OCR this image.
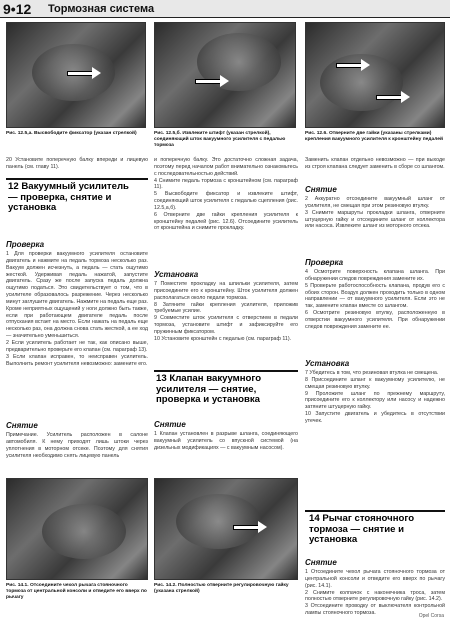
9•12 Тормозная система
Рис. 12.5,а. Высвободите фиксатор (указан стрелкой)	Рис. 12.5,б. Извлеките штифт (указан стрелкой), соединяющий шток вакуумного усилителя с педалью тормоза
Рис. 12.6. Отверните две гайки (указаны стрелками) крепления вакуумного усилителя к кронштейну педалей
20 Установите поперечную балку впереди и лицевую панель (см. главу 11).
12 Вакуумный усилитель — проверка, снятие и установка
Проверка
1 Для проверки вакуумного усилителя остановите двигатель и нажмите на педаль тормоза несколько раз. Вакуум должен исчезнуть, а педаль — стать ощутимо жесткой. Удерживая педаль нажатой, запустите двигатель. Сразу же после запуска педаль должна ощутимо податься. Это свидетельствует о том, что в усилителе образовалось разрежение. Через несколько минут заглушите двигатель. Нажмите на педаль еще раз. Кроме неприятных ощущений у ноги должно быть также, если при работающем двигателе педаль после отпускания встает на место. Если нажать на педаль еще несколько раз, она должна снова стать жесткой, а ее ход — значительно уменьшиться.
2 Если усилитель работает не так, как описано выше, предварительно проверьте его клапан (см. параграф 13).
3 Если клапан исправен, то неисправен усилитель. Выполнить ремонт усилителя невозможно: замените его.
Снятие
Примечание. Усилитель расположен в салоне автомобиля. К нему приходят лишь штоки через уплотнения в моторном отсеке. Поэтому для снятия усилителя необходимо снять лицевую панель
и поперечную балку. Это достаточно сложная задача, поэтому перед началом работ внимательно ознакомьтесь с последовательностью действий.
4 Снимите педаль тормоза с кронштейном (см. параграф 11).
5 Высвободите фиксатор и извлеките штифт, соединяющий шток усилителя с педалью сцепления (рис. 12.5,а,б).
6 Отверните две гайки крепления усилителя к кронштейну педалей (рис. 12.6). Отсоедините усилитель от кронштейна и снимите прокладку.
Установка
7 Поместите прокладку на шпильки усилителя, затем присоедините его к кронштейну. Шток усилителя должен располагаться около педали тормоза.
8 Затяните гайки крепления усилителя, приложив требуемые усилие.
9 Совместите шток усилителя с отверстием в педали тормоза, установите штифт и зафиксируйте его пружинным фиксатором.
10 Установите кронштейн с педалью (см. параграф 11).
13 Клапан вакуумного усилителя — снятие, проверка и установка
Снятие
1 Клапан установлен в разрыве шланга, соединяющего вакуумный усилитель со впускной системой (на дизельных модификациях — с вакуумным насосом).
Заменить клапан отдельно невозможно — при выходе из строя клапана следует заменить в сборе со шлангом.
Снятие
2 Аккуратно отсоедините вакуумный шланг от усилителя, не смещая при этом резиновую втулку.
3 Снимите маршруты прокладки шланга, отверните штуцерную гайку и отсоедините шланг от коллектора или насоса. Извлеките шланг из моторного отсека.
Проверка
4 Осмотрите поверхность клапана шланга. При обнаружении следов повреждения замените их.
5 Проверьте работоспособность клапана, продув его с обоих сторон. Воздух должен проходить только в одном направлении — от вакуумного усилителя. Если это не так, замените клапан вместе со шлангом.
6 Осмотрите резиновую втулку, расположенную в отверстии вакуумного усилителя. При обнаружении следов повреждения замените ее.
Установка
7 Убедитесь в том, что резиновая втулка не смещена.
8 Присоедините шланг к вакуумному усилителю, не смещая резиновую втулку.
9 Проложите шланг по прежнему маршруту, присоедините его к коллектору или насосу и надежно затяните штуцерную гайку.
10 Запустите двигатель и убедитесь в отсутствии утечек.
14 Рычаг стояночного тормоза — снятие и установка
Снятие
1 Отсоедините чехол рычага стояночного тормоза от центральной консоли и отведите его вверх по рычагу (рис. 14.1).
2 Снимите колпачок с наконечника троса, затем полностью отверните регулировочную гайку (рис. 14.2).
3 Отсоедините проводку от выключателя контрольной лампы стояночного тормоза.
Рис. 14.1. Отсоедините чехол рычага стояночного тормоза от центральной консоли и отведите его вверх по рычагу
Рис. 14.2. Полностью отверните регулировочную гайку (указана стрелкой)
Opel Corsa
